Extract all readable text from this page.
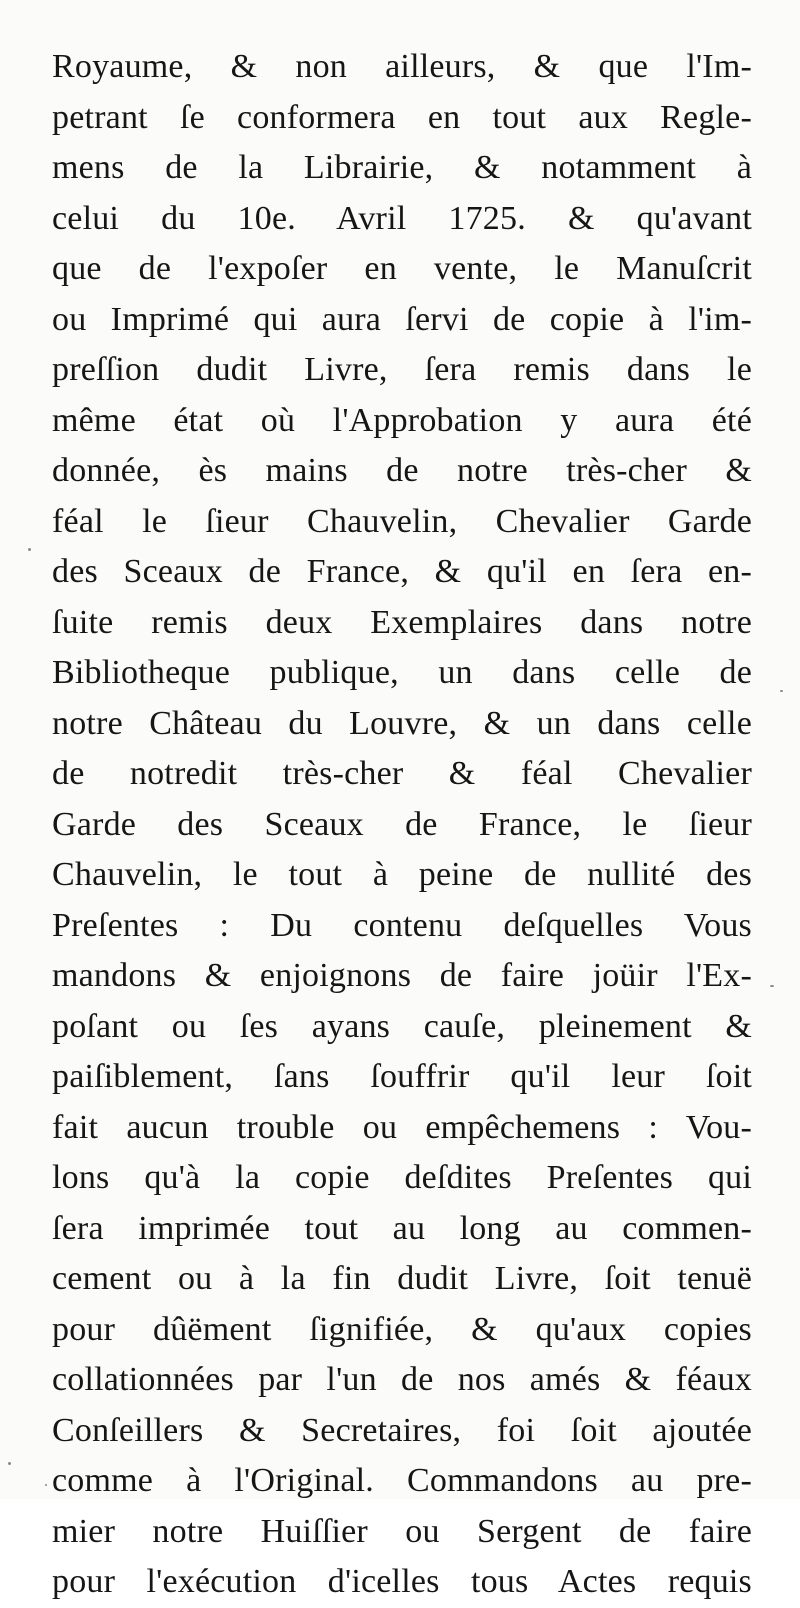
Royaume, & non ailleurs, & que l'Im-
petrant ſe conformera en tout aux Regle-
mens de la Librairie, & notamment à
celui du 10e. Avril 1725. & qu'avant
que de l'expoſer en vente, le Manuſcrit
ou Imprimé qui aura ſervi de copie à l'im-
preſſion dudit Livre, ſera remis dans le
même état où l'Approbation y aura été
donnée, ès mains de notre très-cher &
féal le ſieur Chauvelin, Chevalier Garde
des Sceaux de France, & qu'il en ſera en-
ſuite remis deux Exemplaires dans notre
Bibliotheque publique, un dans celle de
notre Château du Louvre, & un dans celle
de notredit très-cher & féal Chevalier
Garde des Sceaux de France, le ſieur
Chauvelin, le tout à peine de nullité des
Preſentes : Du contenu deſquelles Vous
mandons & enjoignons de faire joüir l'Ex-
poſant ou ſes ayans cauſe, pleinement &
paiſiblement, ſans ſouffrir qu'il leur ſoit
fait aucun trouble ou empêchemens : Vou-
lons qu'à la copie deſdites Preſentes qui
ſera imprimée tout au long au commen-
cement ou à la fin dudit Livre, ſoit tenuë
pour dûëment ſignifiée, & qu'aux copies
collationnées par l'un de nos amés & féaux
Conſeillers & Secretaires, foi ſoit ajoutée
comme à l'Original. Commandons au pre-
mier notre Huiſſier ou Sergent de faire
pour l'exécution d'icelles tous Actes requis
